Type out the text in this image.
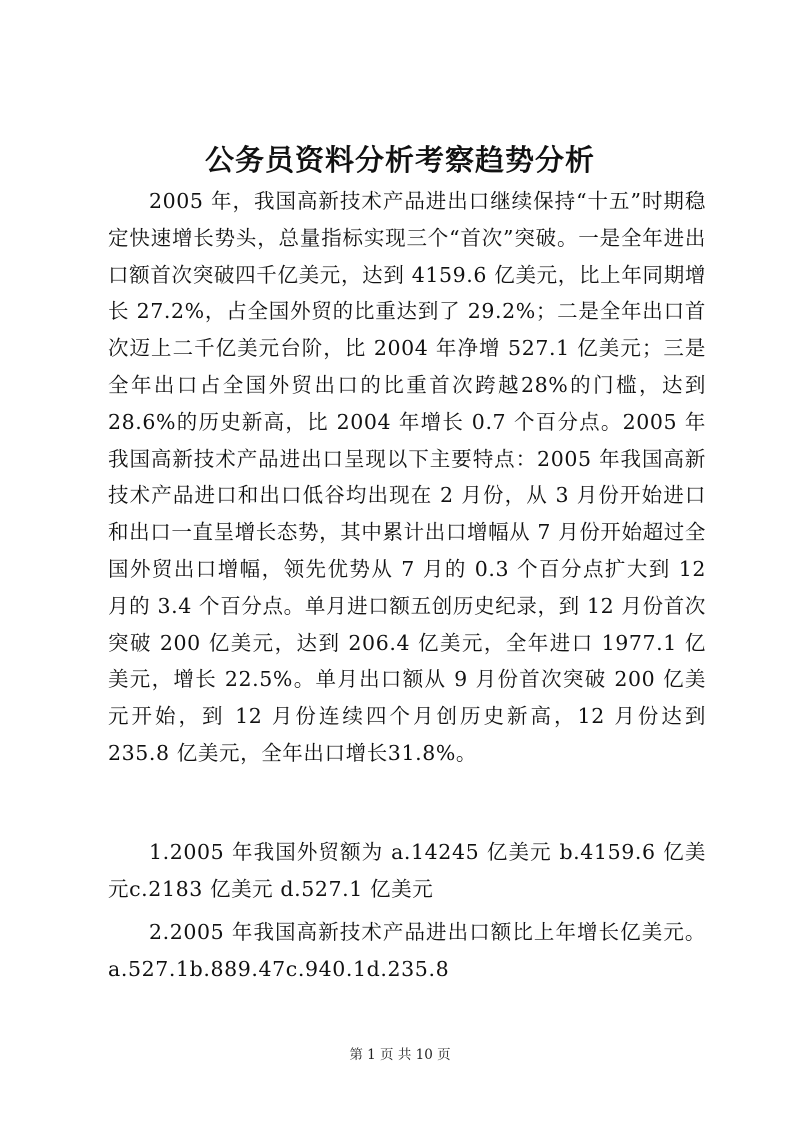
公务员资料分析考察趋势分析

2005 年，我国高新技术产品进出口继续保持“十五”时期稳定快速增长势头，总量指标实现三个“首次”突破。一是全年进出口额首次突破四千亿美元，达到 4159.6 亿美元，比上年同期增长 27.2%，占全国外贸的比重达到了 29.2%；二是全年出口首次迈上二千亿美元台阶，比 2004 年净增 527.1 亿美元；三是全年出口占全国外贸出口的比重首次跨越28%的门槛，达到28.6%的历史新高，比 2004 年增长 0.7 个百分点。2005 年我国高新技术产品进出口呈现以下主要特点：2005 年我国高新技术产品进口和出口低谷均出现在 2 月份，从 3 月份开始进口和出口一直呈增长态势，其中累计出口增幅从 7 月份开始超过全国外贸出口增幅，领先优势从 7 月的 0.3 个百分点扩大到 12 月的 3.4 个百分点。单月进口额五创历史纪录，到 12 月份首次突破 200 亿美元，达到 206.4 亿美元，全年进口 1977.1 亿美元，增长 22.5%。单月出口额从 9 月份首次突破 200 亿美元开始，到 12 月份连续四个月创历史新高，12 月份达到 235.8 亿美元，全年出口增长31.8%。

1.2005 年我国外贸额为 a.14245 亿美元 b.4159.6 亿美元c.2183 亿美元 d.527.1 亿美元

2.2005 年我国高新技术产品进出口额比上年增长亿美元。a.527.1b.889.47c.940.1d.235.8

第 1 页 共 10 页
